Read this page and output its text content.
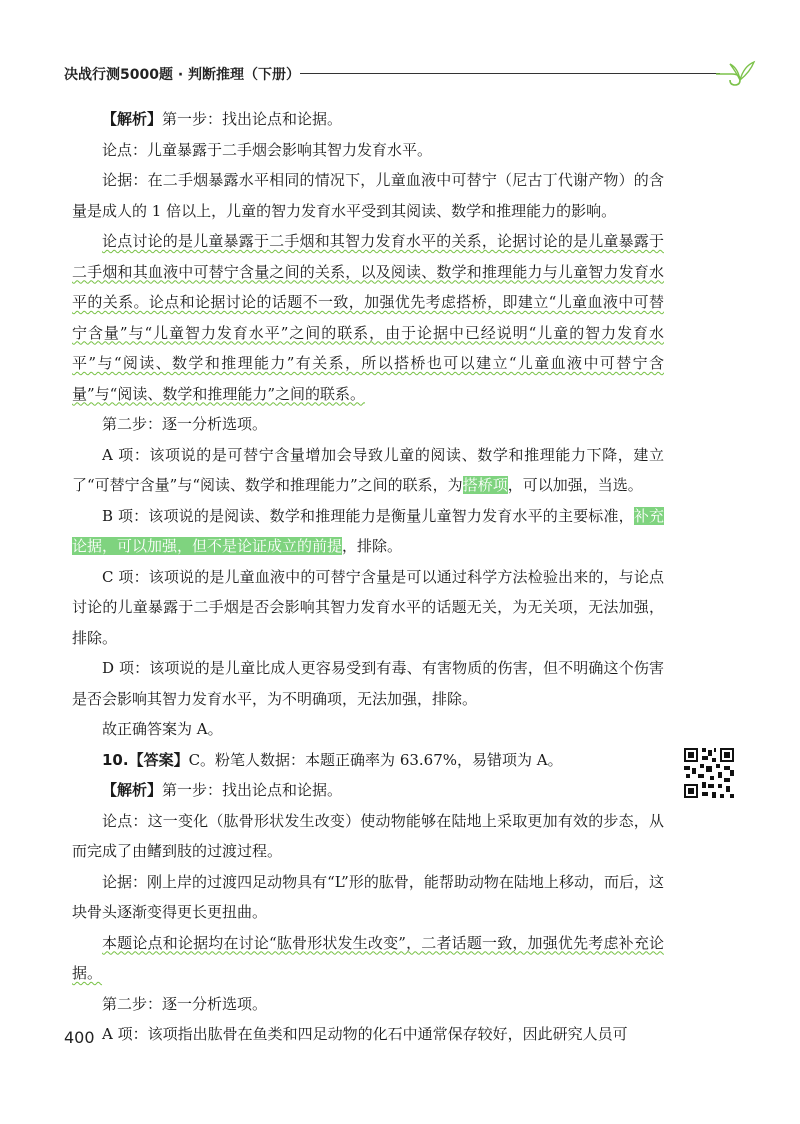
决战行测5000题 · 判断推理（下册）

【解析】第一步：找出论点和论据。

论点：儿童暴露于二手烟会影响其智力发育水平。

论据：在二手烟暴露水平相同的情况下，儿童血液中可替宁（尼古丁代谢产物）的含量是成人的 1 倍以上，儿童的智力发育水平受到其阅读、数学和推理能力的影响。

论点讨论的是儿童暴露于二手烟和其智力发育水平的关系，论据讨论的是儿童暴露于二手烟和其血液中可替宁含量之间的关系，以及阅读、数学和推理能力与儿童智力发育水平的关系。论点和论据讨论的话题不一致，加强优先考虑搭桥，即建立“儿童血液中可替宁含量”与“儿童智力发育水平”之间的联系，由于论据中已经说明“儿童的智力发育水平”与“阅读、数学和推理能力”有关系，所以搭桥也可以建立“儿童血液中可替宁含量”与“阅读、数学和推理能力”之间的联系。

第二步：逐一分析选项。

A 项：该项说的是可替宁含量增加会导致儿童的阅读、数学和推理能力下降，建立了“可替宁含量”与“阅读、数学和推理能力”之间的联系，为搭桥项，可以加强，当选。

B 项：该项说的是阅读、数学和推理能力是衡量儿童智力发育水平的主要标准，补充论据，可以加强，但不是论证成立的前提，排除。

C 项：该项说的是儿童血液中的可替宁含量是可以通过科学方法检验出来的，与论点讨论的儿童暴露于二手烟是否会影响其智力发育水平的话题无关，为无关项，无法加强，排除。

D 项：该项说的是儿童比成人更容易受到有毒、有害物质的伤害，但不明确这个伤害是否会影响其智力发育水平，为不明确项，无法加强，排除。

故正确答案为 A。

10.【答案】C。粉笔人数据：本题正确率为 63.67%，易错项为 A。

【解析】第一步：找出论点和论据。

论点：这一变化（肱骨形状发生改变）使动物能够在陆地上采取更加有效的步态，从而完成了由鳍到肢的过渡过程。

论据：刚上岸的过渡四足动物具有“L”形的肱骨，能帮助动物在陆地上移动，而后，这块骨头逐渐变得更长更扭曲。

本题论点和论据均在讨论“肱骨形状发生改变”，二者话题一致，加强优先考虑补充论据。

第二步：逐一分析选项。

A 项：该项指出肱骨在鱼类和四足动物的化石中通常保存较好，因此研究人员可

400
